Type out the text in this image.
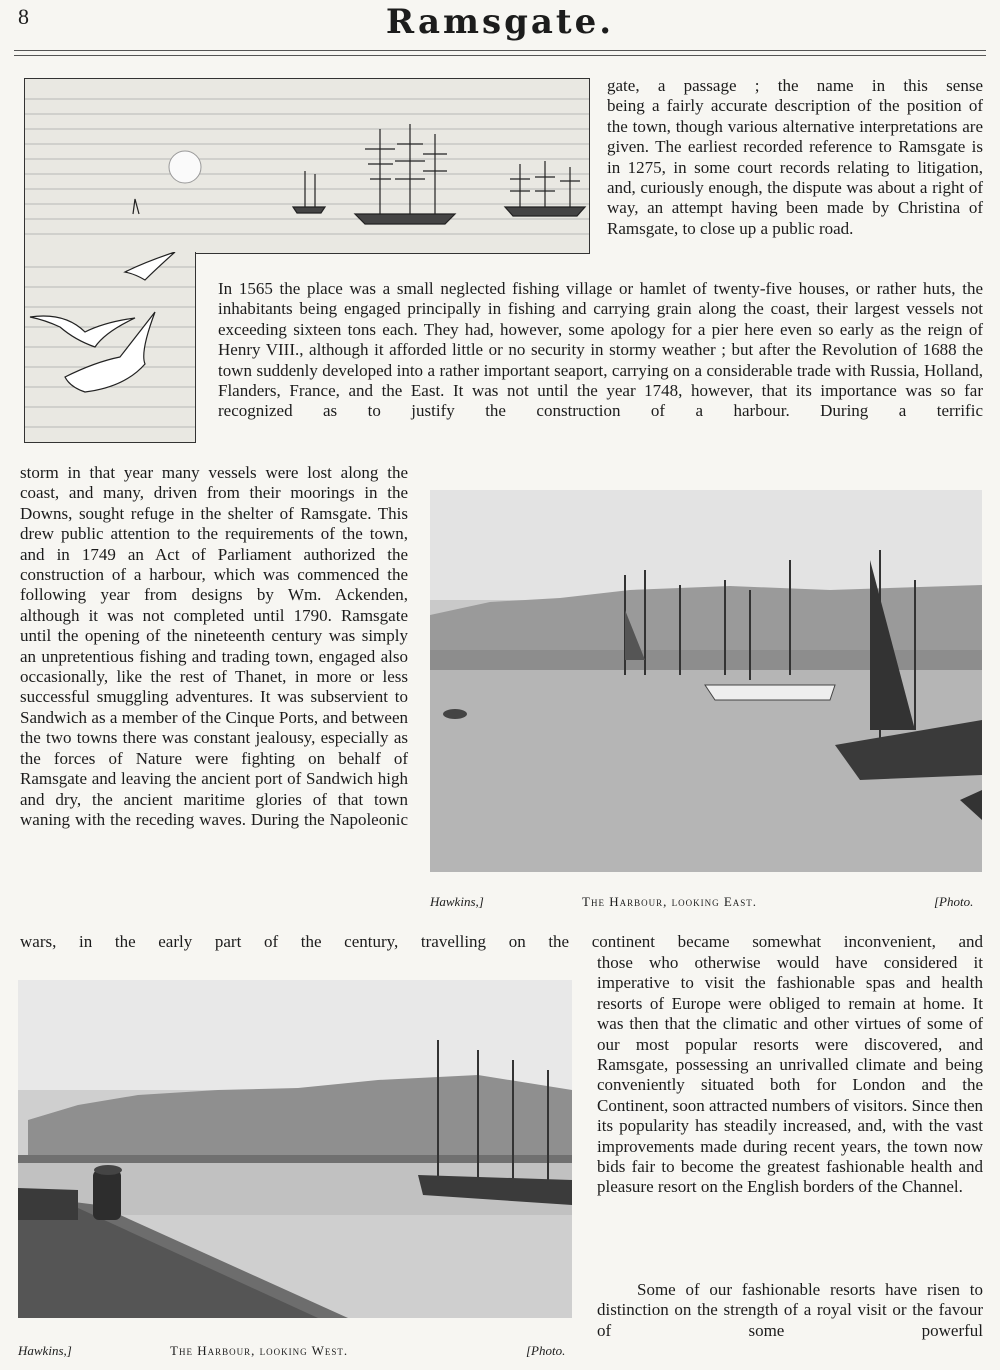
8	Ramsgate.

gate, a passage ; the name in this sense

being a fairly accurate description of the position of the town, though various alternative interpretations are given. The earliest recorded reference to Ramsgate is in 1275, in some court records relating to litigation, and, curiously enough, the dispute was about a right of way, an attempt having been made by Christina of Ramsgate, to close up a public road.

In 1565 the place was a small neglected fishing village or hamlet of twenty-five houses, or rather huts, the inhabitants being engaged principally in fishing and carrying grain along the coast, their largest vessels not exceeding sixteen tons each. They had, however, some apology for a pier here even so early as the reign of Henry VIII., although it afforded little or no security in stormy weather ; but after the Revolution of 1688 the town suddenly developed into a rather important seaport, carrying on a considerable trade with Russia, Holland, Flanders, France, and the East. It was not until the year 1748, however, that its importance was so far recognized as to justify the construction of a harbour. During a terrific

storm in that year many vessels were lost along the coast, and many, driven from their moorings in the Downs, sought refuge in the shelter of Ramsgate. This drew public attention to the requirements of the town, and in 1749 an Act of Parliament authorized the construction of a harbour, which was commenced the following year from designs by Wm. Ackenden, although it was not completed until 1790. Ramsgate until the opening of the nineteenth century was simply an unpretentious fishing and trading town, engaged also occasionally, like the rest of Thanet, in more or less successful smuggling adventures. It was subservient to Sandwich as a member of the Cinque Ports, and between the two towns there was constant jealousy, especially as the forces of Nature were fighting on behalf of Ramsgate and leaving the ancient port of Sandwich high and dry, the ancient maritime glories of that town waning with the receding waves. During the Napoleonic

Hawkins,]	The Harbour, looking East.	[Photo.

wars, in the early part of the century, travelling on the continent became somewhat inconvenient, and

Hawkins,]	The Harbour, looking West.	[Photo.

those who otherwise would have considered it imperative to visit the fashionable spas and health resorts of Europe were obliged to remain at home. It was then that the climatic and other virtues of some of our most popular resorts were discovered, and Ramsgate, possessing an unrivalled climate and being conveniently situated both for London and the Continent, soon attracted numbers of visitors. Since then its popularity has steadily increased, and, with the vast improvements made during recent years, the town now bids fair to become the greatest fashionable health and pleasure resort on the English borders of the Channel.

Some of our fashionable resorts have risen to distinction on the strength of a royal visit or the favour of some powerful
